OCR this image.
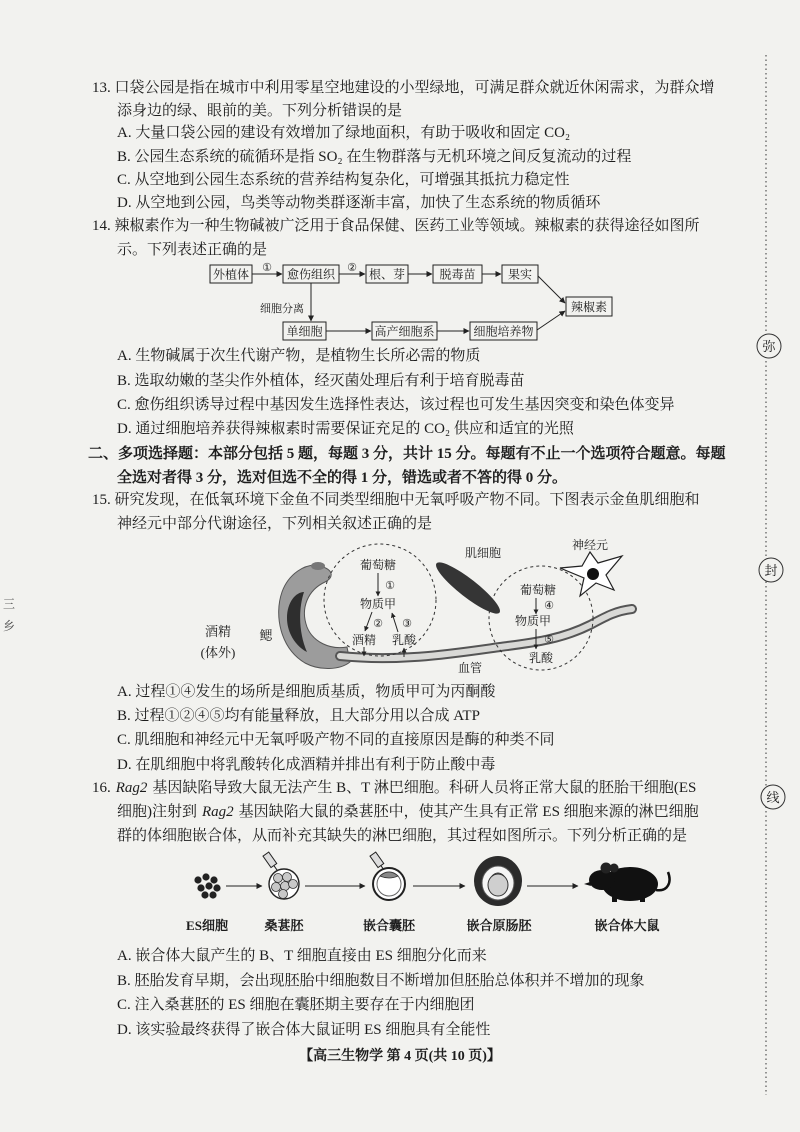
13. 口袋公园是指在城市中利用零星空地建设的小型绿地，可满足群众就近休闲需求，为群众增
添身边的绿、眼前的美。下列分析错误的是
A. 大量口袋公园的建设有效增加了绿地面积，有助于吸收和固定 CO₂
B. 公园生态系统的硫循环是指 SO₂ 在生物群落与无机环境之间反复流动的过程
C. 从空地到公园生态系统的营养结构复杂化，可增强其抵抗力稳定性
D. 从空地到公园，鸟类等动物类群逐渐丰富，加快了生态系统的物质循环
14. 辣椒素作为一种生物碱被广泛用于食品保健、医药工业等领域。辣椒素的获得途径如图所
示。下列表述正确的是
外植体 ① 愈伤组织 ② 根、芽	脱毒苗	果实
辣椒素
细胞分离
单细胞	高产细胞系	细胞培养物
A. 生物碱属于次生代谢产物，是植物生长所必需的物质
B. 选取幼嫩的茎尖作外植体，经灭菌处理后有利于培育脱毒苗
C. 愈伤组织诱导过程中基因发生选择性表达，该过程也可发生基因突变和染色体变异
D. 通过细胞培养获得辣椒素时需要保证充足的 CO₂ 供应和适宜的光照
二、多项选择题：本部分包括 5 题，每题 3 分，共计 15 分。每题有不止一个选项符合题意。每题
全选对者得 3 分，选对但选不全的得 1 分，错选或者不答的得 0 分。
15. 研究发现，在低氧环境下金鱼不同类型细胞中无氧呼吸产物不同。下图表示金鱼肌细胞和
神经元中部分代谢途径，下列相关叙述正确的是
肌细胞
神经元
葡萄糖
①
物质甲
② ③
酒精 乳酸
葡萄糖
④
物质甲
⑤
乳酸
酒精
(体外)
鳃
血管
A. 过程①④发生的场所是细胞质基质，物质甲可为丙酮酸
B. 过程①②④⑤均有能量释放，且大部分用以合成 ATP
C. 肌细胞和神经元中无氧呼吸产物不同的直接原因是酶的种类不同
D. 在肌细胞中将乳酸转化成酒精并排出有利于防止酸中毒
16. Rag2 基因缺陷导致大鼠无法产生 B、T 淋巴细胞。科研人员将正常大鼠的胚胎干细胞(ES
细胞)注射到 Rag2 基因缺陷大鼠的桑葚胚中，使其产生具有正常 ES 细胞来源的淋巴细胞
群的体细胞嵌合体，从而补充其缺失的淋巴细胞，其过程如图所示。下列分析正确的是
ES细胞	桑葚胚	嵌合囊胚	嵌合原肠胚	嵌合体大鼠
A. 嵌合体大鼠产生的 B、T 细胞直接由 ES 细胞分化而来
B. 胚胎发育早期，会出现胚胎中细胞数目不断增加但胚胎总体积并不增加的现象
C. 注入桑葚胚的 ES 细胞在囊胚期主要存在于内细胞团
D. 该实验最终获得了嵌合体大鼠证明 ES 细胞具有全能性
【高三生物学 第 4 页(共 10 页)】
弥
封
线
三
乡
